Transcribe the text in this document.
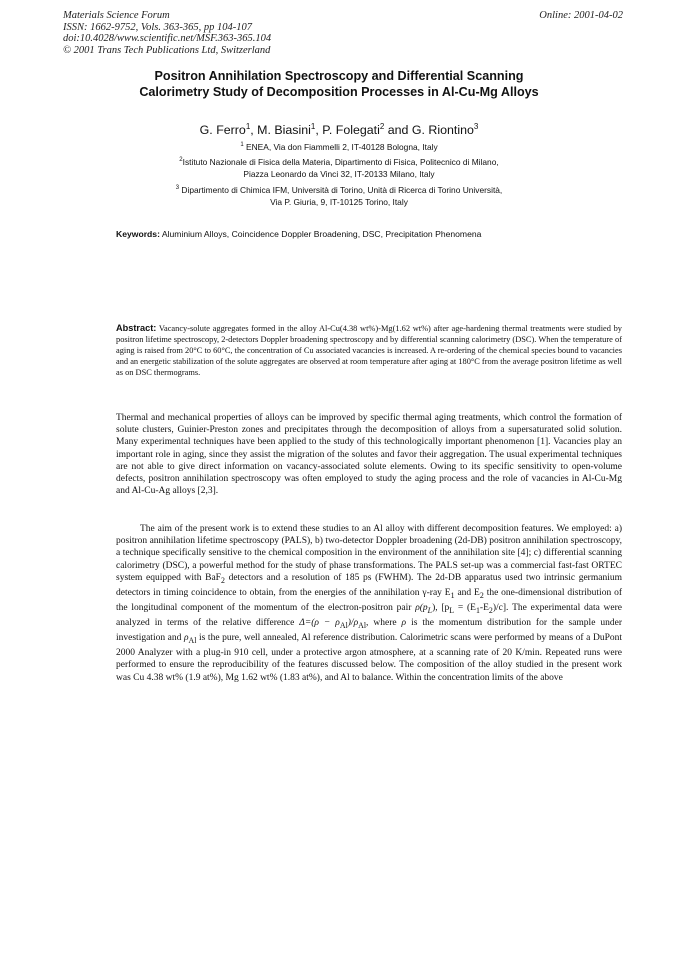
Materials Science Forum	Online: 2001-04-02
ISSN: 1662-9752, Vols. 363-365, pp 104-107
doi:10.4028/www.scientific.net/MSF.363-365.104
© 2001 Trans Tech Publications Ltd, Switzerland
Positron Annihilation Spectroscopy and Differential Scanning
Calorimetry Study of Decomposition Processes in Al-Cu-Mg Alloys
G. Ferro$^1$, M. Biasini$^1$, P. Folegati$^2$ and G. Riontino$^3$
$^1$ ENEA, Via don Fiammelli 2, IT-40128 Bologna, Italy
$^2$Istituto Nazionale di Fisica della Materia, Dipartimento di Fisica, Politecnico di Milano,
Piazza Leonardo da Vinci 32, IT-20133 Milano, Italy
$^3$ Dipartimento di Chimica IFM, Università di Torino, Unità di Ricerca di Torino Università,
Via P. Giuria, 9, IT-10125 Torino, Italy
Keywords: Aluminium Alloys, Coincidence Doppler Broadening, DSC, Precipitation Phenomena
Abstract: Vacancy-solute aggregates formed in the alloy Al-Cu(4.38 wt%)-Mg(1.62 wt%) after age-hardening thermal treatments were studied by positron lifetime spectroscopy, 2-detectors Doppler broadening spectroscopy and by differential scanning calorimetry (DSC). When the temperature of aging is raised from 20°C to 60°C, the concentration of Cu associated vacancies is increased. A re-ordering of the chemical species bound to vacancies and an energetic stabilization of the solute aggregates are observed at room temperature after aging at 180°C from the average positron lifetime as well as on DSC thermograms.

Thermal and mechanical properties of alloys can be improved by specific thermal aging treatments, which control the formation of solute clusters, Guinier-Preston zones and precipitates through the decomposition of alloys from a supersaturated solid solution. Many experimental techniques have been applied to the study of this technologically important phenomenon [1]. Vacancies play an important role in aging, since they assist the migration of the solutes and favor their aggregation. The usual experimental techniques are not able to give direct information on vacancy-associated solute elements. Owing to its specific sensitivity to open-volume defects, positron annihilation spectroscopy was often employed to study the aging process and the role of vacancies in Al-Cu-Mg and Al-Cu-Ag alloys [2,3].

The aim of the present work is to extend these studies to an Al alloy with different decomposition features. We employed: a) positron annihilation lifetime spectroscopy (PALS), b) two-detector Doppler broadening (2d-DB) positron annihilation spectroscopy, a technique specifically sensitive to the chemical composition in the environment of the annihilation site [4]; c) differential scanning calorimetry (DSC), a powerful method for the study of phase transformations. The PALS set-up was a commercial fast-fast ORTEC system equipped with BaF$_2$ detectors and a resolution of 185 ps (FWHM). The 2d-DB apparatus used two intrinsic germanium detectors in timing coincidence to obtain, from the energies of the annihilation γ-ray $E_1$ and $E_2$ the one-dimensional distribution of the longitudinal component of the momentum of the electron-positron pair $\rho(p_L)$, $[p_L = (E_1-E_2)/c]$. The experimental data were analyzed in terms of the relative difference $\Delta=(\rho - \rho_{Al})/\rho_{Al}$, where ρ is the momentum distribution for the sample under investigation and $\rho_{Al}$ is the pure, well annealed, Al reference distribution. Calorimetric scans were performed by means of a DuPont 2000 Analyzer with a plug-in 910 cell, under a protective argon atmosphere, at a scanning rate of 20 K/min. Repeated runs were performed to ensure the reproducibility of the features discussed below. The composition of the alloy studied in the present work was Cu 4.38 wt% (1.9 at%), Mg 1.62 wt% (1.83 at%), and Al to balance. Within the concentration limits of the above
